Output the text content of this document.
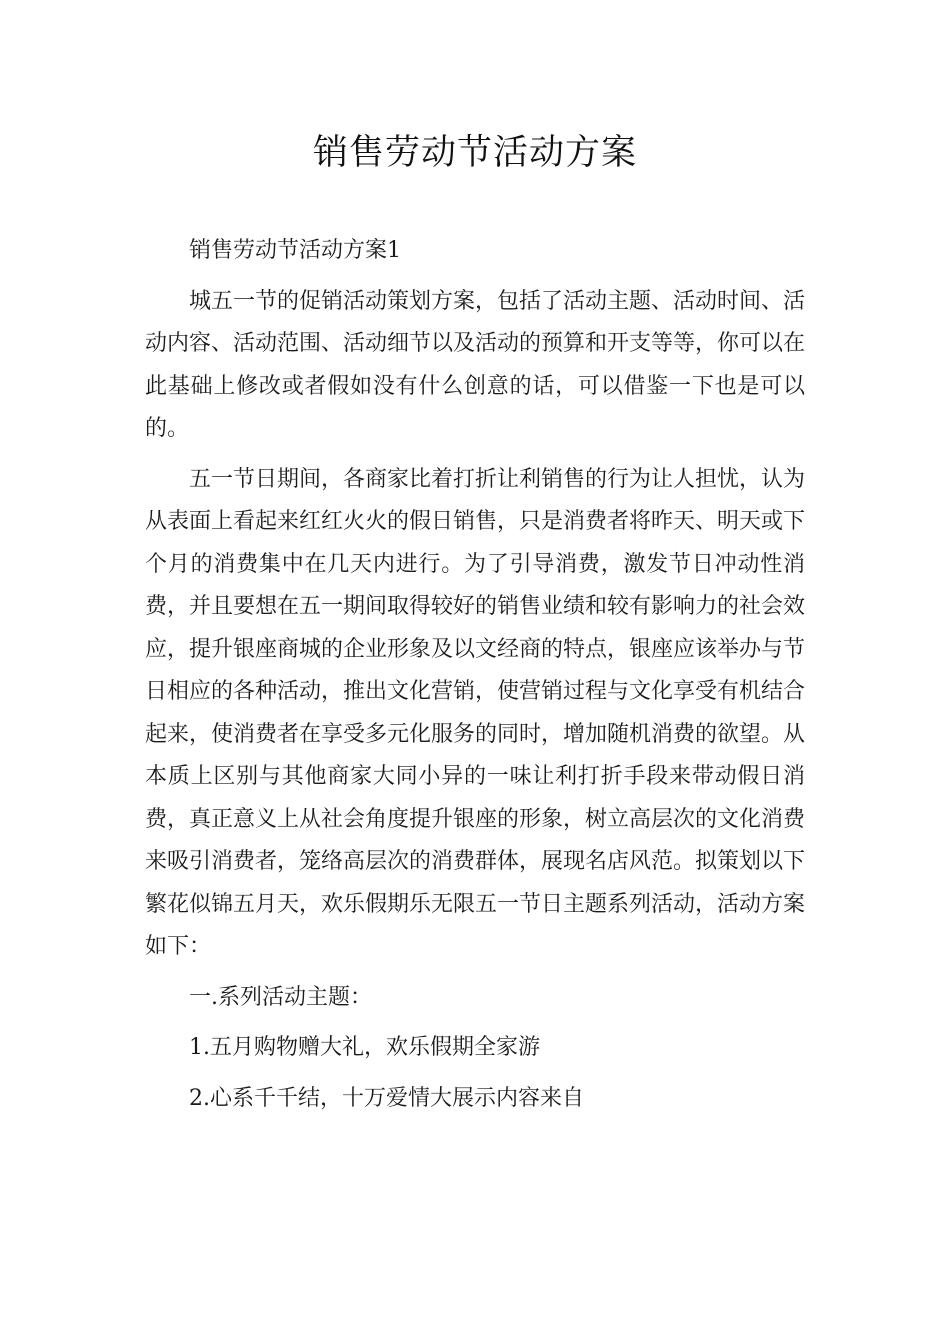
销售劳动节活动方案

销售劳动节活动方案1

城五一节的促销活动策划方案，包括了活动主题、活动时间、活动内容、活动范围、活动细节以及活动的预算和开支等等，你可以在此基础上修改或者假如没有什么创意的话，可以借鉴一下也是可以的。

五一节日期间，各商家比着打折让利销售的行为让人担忧，认为从表面上看起来红红火火的假日销售，只是消费者将昨天、明天或下个月的消费集中在几天内进行。为了引导消费，激发节日冲动性消费，并且要想在五一期间取得较好的销售业绩和较有影响力的社会效应，提升银座商城的企业形象及以文经商的特点，银座应该举办与节日相应的各种活动，推出文化营销，使营销过程与文化享受有机结合起来，使消费者在享受多元化服务的同时，增加随机消费的欲望。从本质上区别与其他商家大同小异的一味让利打折手段来带动假日消费，真正意义上从社会角度提升银座的形象，树立高层次的文化消费来吸引消费者，笼络高层次的消费群体，展现名店风范。拟策划以下繁花似锦五月天，欢乐假期乐无限五一节日主题系列活动，活动方案如下：

一.系列活动主题：

1.五月购物赠大礼，欢乐假期全家游

2.心系千千结，十万爱情大展示内容来自
